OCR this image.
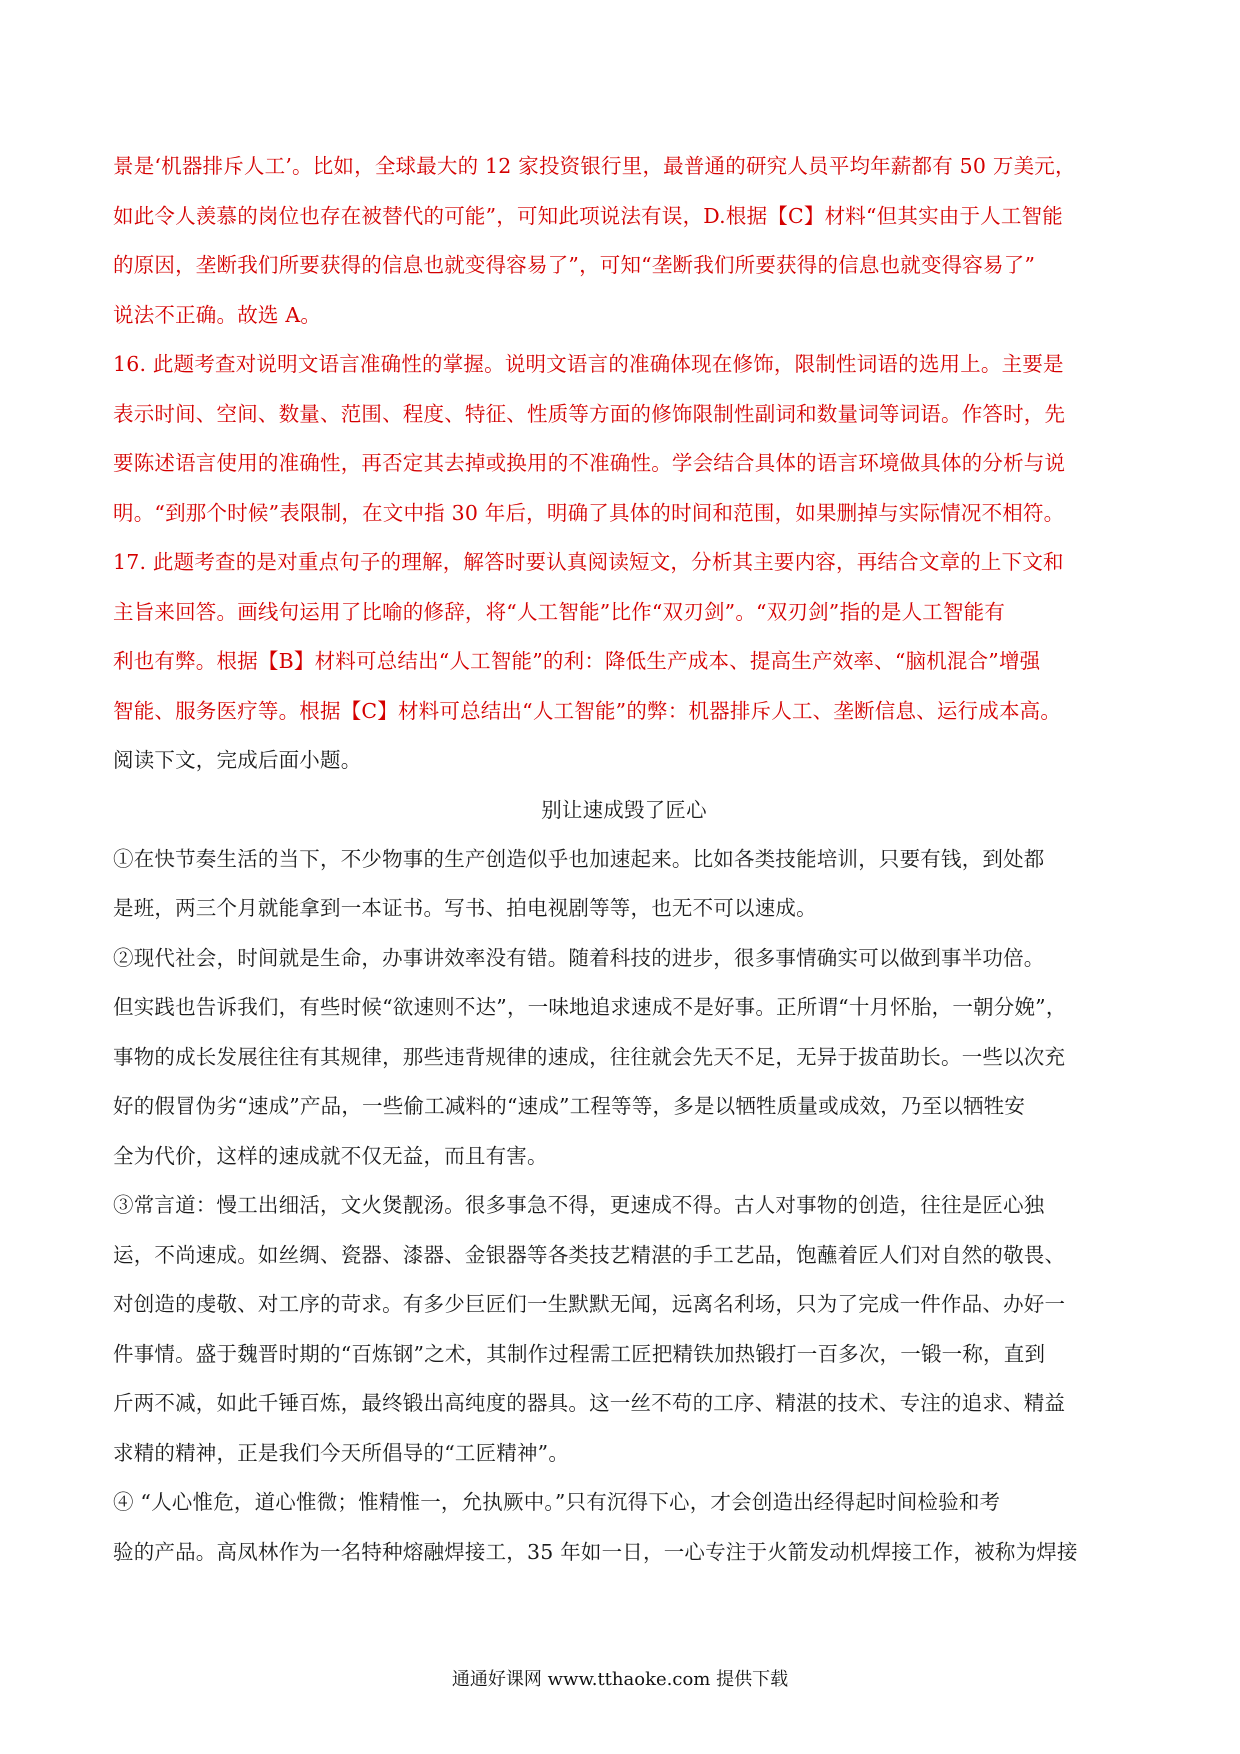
景是‘机器排斥人工’。比如，全球最大的 12 家投资银行里，最普通的研究人员平均年薪都有 50 万美元，
如此令人羡慕的岗位也存在被替代的可能”，可知此项说法有误，D.根据【C】材料“但其实由于人工智能
的原因，垄断我们所要获得的信息也就变得容易了”，可知“垄断我们所要获得的信息也就变得容易了”
说法不正确。故选 A。
16. 此题考查对说明文语言准确性的掌握。说明文语言的准确体现在修饰，限制性词语的选用上。主要是
表示时间、空间、数量、范围、程度、特征、性质等方面的修饰限制性副词和数量词等词语。作答时，先
要陈述语言使用的准确性，再否定其去掉或换用的不准确性。学会结合具体的语言环境做具体的分析与说
明。“到那个时候”表限制，在文中指 30 年后，明确了具体的时间和范围，如果删掉与实际情况不相符。
17. 此题考查的是对重点句子的理解，解答时要认真阅读短文，分析其主要内容，再结合文章的上下文和
主旨来回答。画线句运用了比喻的修辞，将“人工智能”比作“双刃剑”。“双刃剑”指的是人工智能有
利也有弊。根据【B】材料可总结出“人工智能”的利：降低生产成本、提高生产效率、“脑机混合”增强
智能、服务医疗等。根据【C】材料可总结出“人工智能”的弊：机器排斥人工、垄断信息、运行成本高。
阅读下文，完成后面小题。
别让速成毁了匠心
①在快节奏生活的当下，不少物事的生产创造似乎也加速起来。比如各类技能培训，只要有钱，到处都
是班，两三个月就能拿到一本证书。写书、拍电视剧等等，也无不可以速成。
②现代社会，时间就是生命，办事讲效率没有错。随着科技的进步，很多事情确实可以做到事半功倍。
但实践也告诉我们，有些时候“欲速则不达”，一味地追求速成不是好事。正所谓“十月怀胎，一朝分娩”，
事物的成长发展往往有其规律，那些违背规律的速成，往往就会先天不足，无异于拔苗助长。一些以次充
好的假冒伪劣“速成”产品，一些偷工减料的“速成”工程等等，多是以牺牲质量或成效，乃至以牺牲安
全为代价，这样的速成就不仅无益，而且有害。
③常言道：慢工出细活，文火煲靓汤。很多事急不得，更速成不得。古人对事物的创造，往往是匠心独
运，不尚速成。如丝绸、瓷器、漆器、金银器等各类技艺精湛的手工艺品，饱蘸着匠人们对自然的敬畏、
对创造的虔敬、对工序的苛求。有多少巨匠们一生默默无闻，远离名利场，只为了完成一件作品、办好一
件事情。盛于魏晋时期的“百炼钢”之术，其制作过程需工匠把精铁加热锻打一百多次，一锻一称，直到
斤两不减，如此千锤百炼，最终锻出高纯度的器具。这一丝不苟的工序、精湛的技术、专注的追求、精益
求精的精神，正是我们今天所倡导的“工匠精神”。
④ “人心惟危，道心惟微；惟精惟一，允执厥中。”只有沉得下心，才会创造出经得起时间检验和考
验的产品。高凤林作为一名特种熔融焊接工，35 年如一日，一心专注于火箭发动机焊接工作，被称为焊接
通通好课网 www.tthaoke.com 提供下载
